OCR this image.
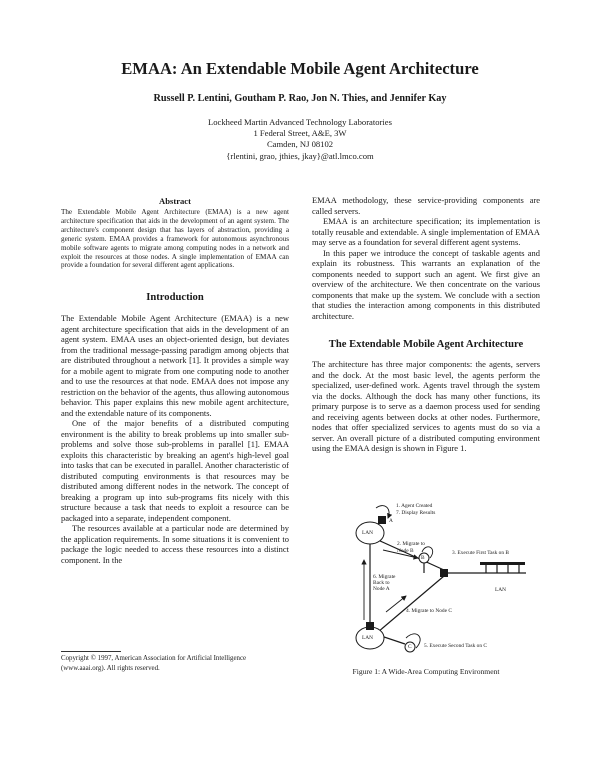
EMAA: An Extendable Mobile Agent Architecture
Russell P. Lentini, Goutham P. Rao, Jon N. Thies, and Jennifer Kay
Lockheed Martin Advanced Technology Laboratories
1 Federal Street, A&E, 3W
Camden, NJ 08102
{rlentini, grao, jthies, jkay}@atl.lmco.com

Abstract

The Extendable Mobile Agent Architecture (EMAA) is a new agent architecture specification that aids in the development of an agent system. The architecture's component design that has layers of abstraction, providing a generic system. EMAA provides a framework for autonomous asynchronous mobile software agents to migrate among computing nodes in a network and exploit the resources at those nodes. A single implementation of EMAA can provide a foundation for several different agent applications.

Introduction

The Extendable Mobile Agent Architecture (EMAA) is a new agent architecture specification that aids in the development of an agent system. EMAA uses an object-oriented design, but deviates from the traditional message-passing paradigm among objects that are distributed throughout a network [1]. It provides a simple way for a mobile agent to migrate from one computing node to another and to use the resources at that node. EMAA does not impose any restriction on the behavior of the agents, thus allowing autonomous behavior. This paper explains this new mobile agent architecture, and the extendable nature of its components.

One of the major benefits of a distributed computing environment is the ability to break problems up into smaller sub-problems and solve those sub-problems in parallel [1]. EMAA exploits this characteristic by breaking an agent's high-level goal into tasks that can be executed in parallel. Another characteristic of distributed computing environments is that resources may be distributed among different nodes in the network. The concept of breaking a program up into sub-programs fits nicely with this structure because a task that needs to exploit a resource can be packaged into a separate, independent component.

The resources available at a particular node are determined by the application requirements. In some situations it is convenient to package the logic needed to access these resources into a distinct component. In the

Copyright © 1997, American Association for Artificial Intelligence (www.aaai.org). All rights reserved.

EMAA methodology, these service-providing components are called servers.

EMAA is an architecture specification; its implementation is totally reusable and extendable. A single implementation of EMAA may serve as a foundation for several different agent systems.

In this paper we introduce the concept of taskable agents and explain its robustness. This warrants an explanation of the components needed to support such an agent. We first give an overview of the architecture. We then concentrate on the various components that make up the system. We conclude with a section that studies the interaction among components in this distributed architecture.

The Extendable Mobile Agent Architecture

The architecture has three major components: the agents, servers and the dock. At the most basic level, the agents perform the specialized, user-defined work. Agents travel through the system via the docks. Although the dock has many other functions, its primary purpose is to serve as a daemon process used for sending and receiving agents between docks at other nodes. Furthermore, nodes that offer specialized services to agents must do so via a server. An overall picture of a distributed computing environment using the EMAA design is shown in Figure 1.

1. Agent Created
7. Display Results
A
LAN
2. Migrate to
Node B	3. Execute First Task on B
B
LAN
6. Migrate
Back to
Node A
4. Migrate to Node C
LAN
5. Execute Second Task on C
C
Figure 1: A Wide-Area Computing Environment
